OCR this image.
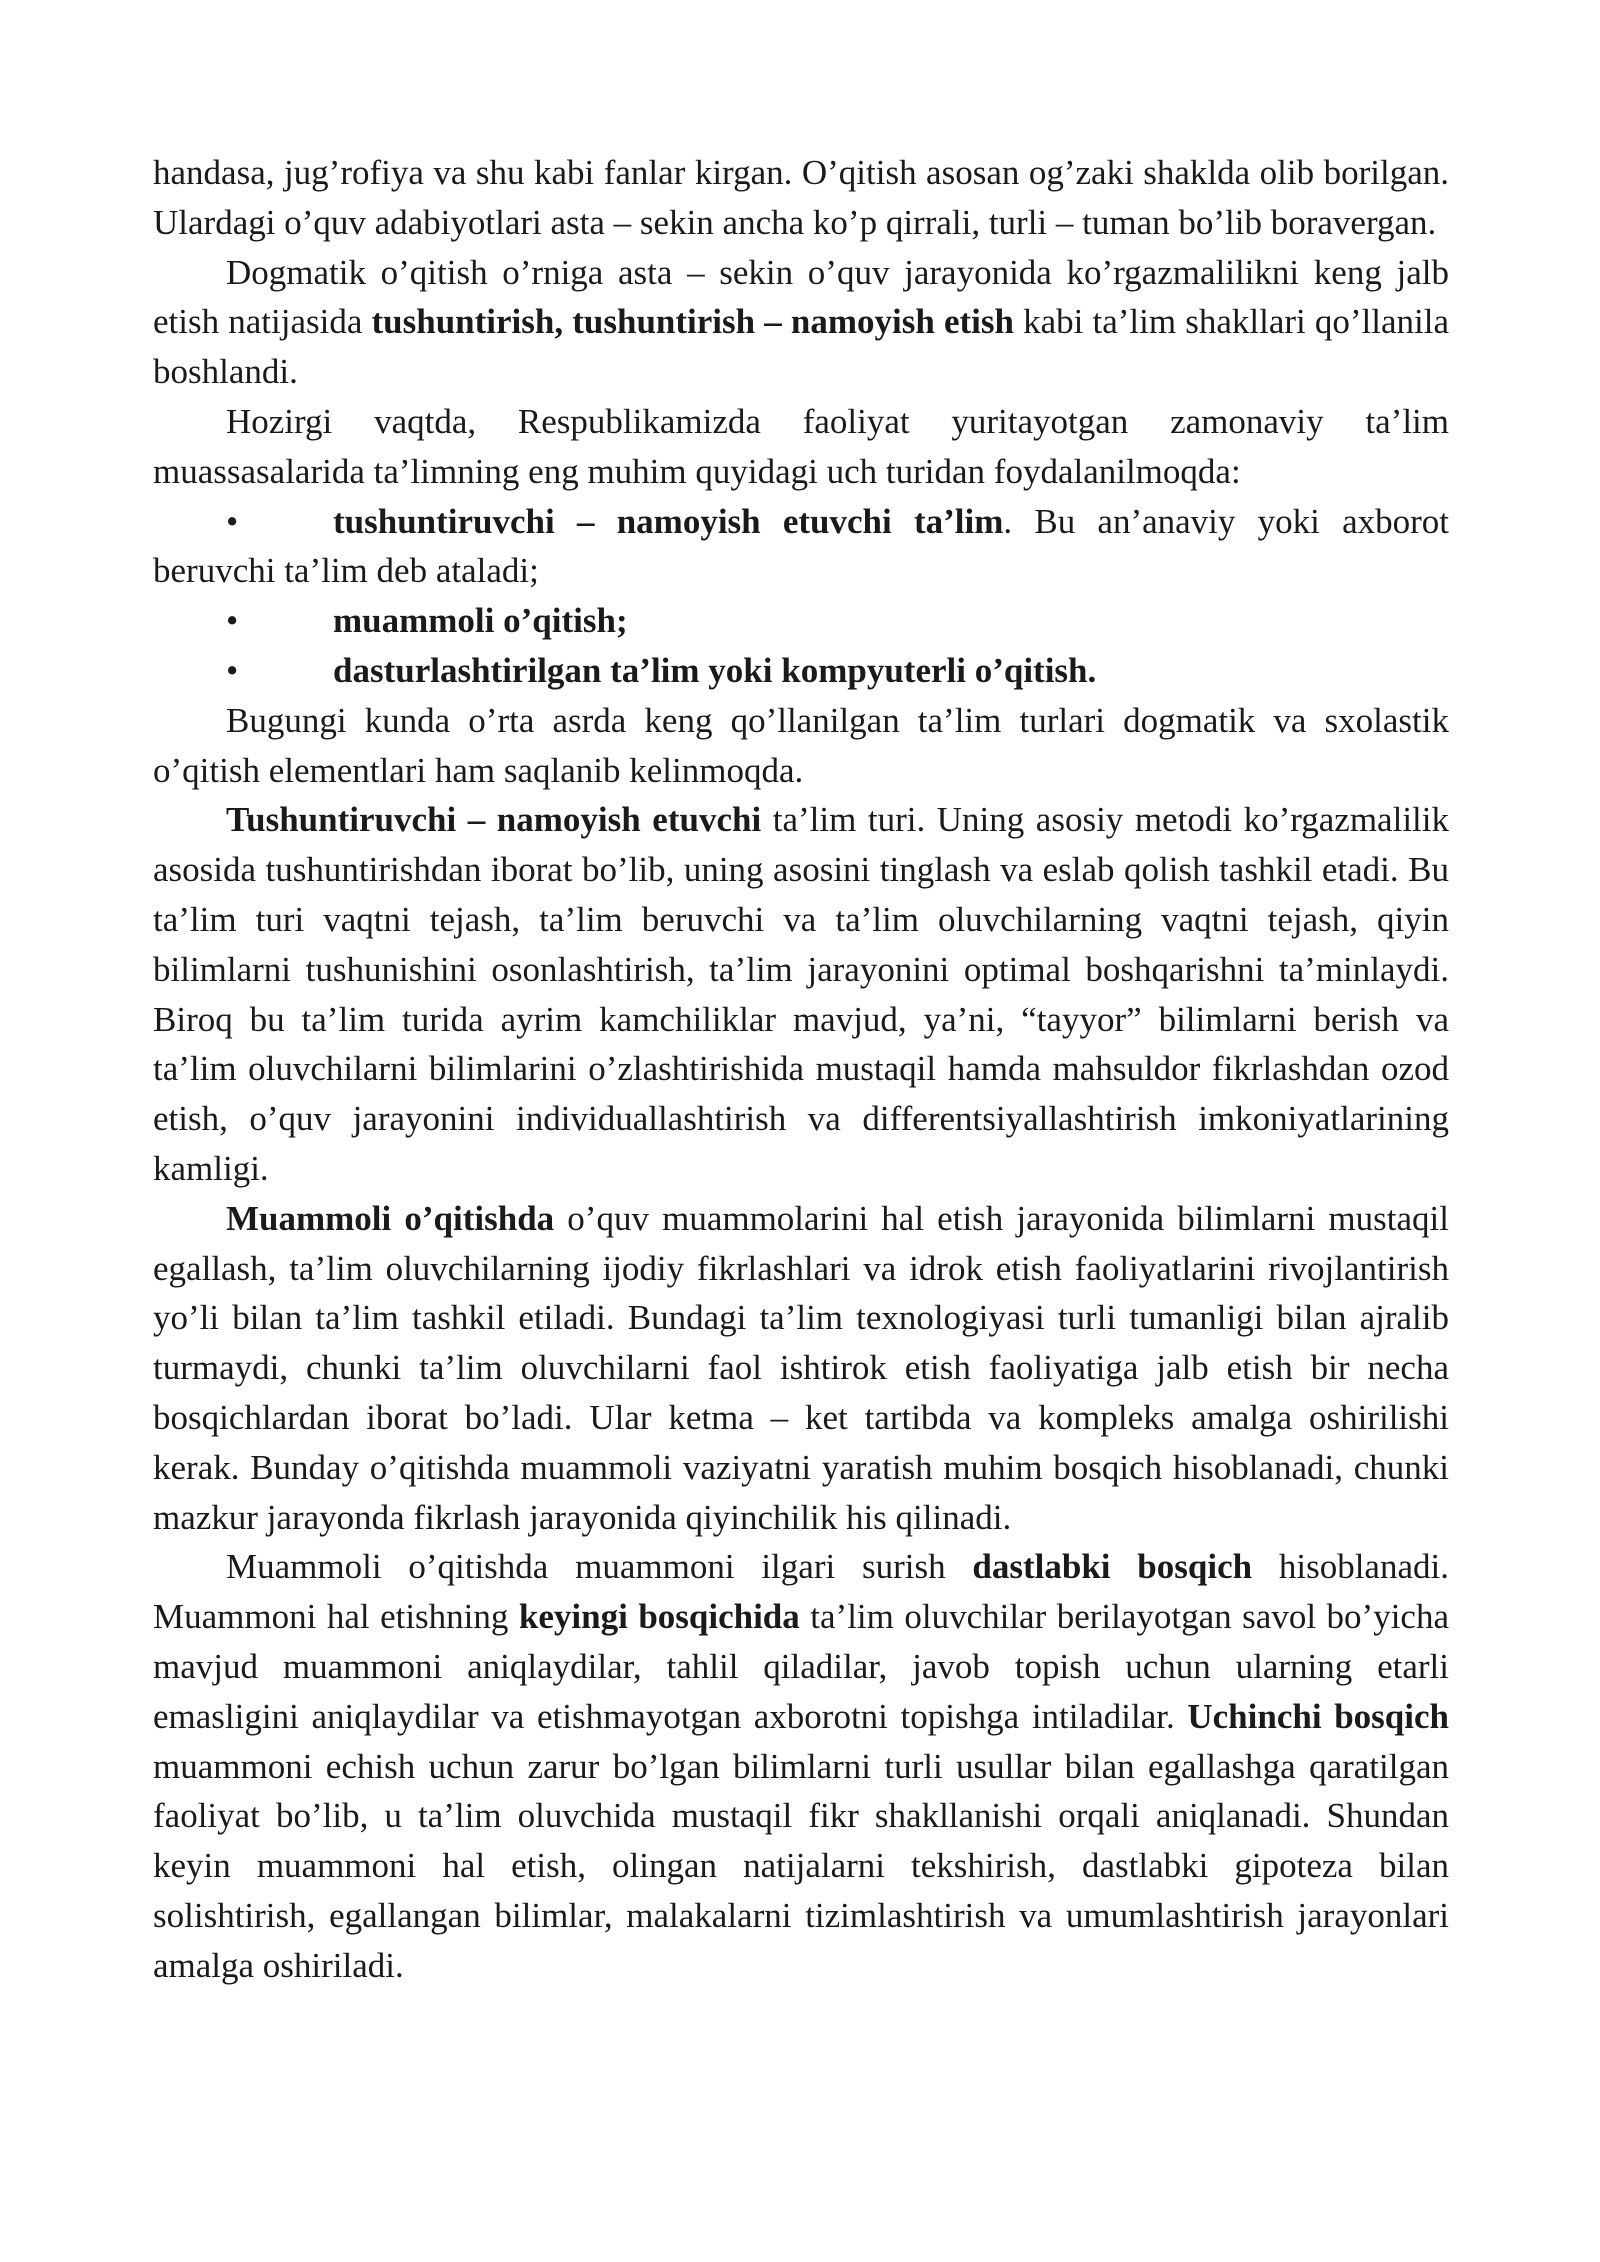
handasa, jug’rofiya va shu kabi fanlar kirgan. O’qitish asosan og’zaki shaklda olib borilgan. Ulardagi o’quv adabiyotlari asta – sekin ancha ko’p qirrali, turli – tuman bo’lib boravergan.

Dogmatik o’qitish o’rniga asta – sekin o’quv jarayonida ko’rgazmalilikni keng jalb etish natijasida tushuntirish, tushuntirish – namoyish etish kabi ta’lim shakllari qo’llanila boshlandi.

Hozirgi vaqtda, Respublikamizda faoliyat yuritayotgan zamonaviy ta’lim muassasalarida ta’limning eng muhim quyidagi uch turidan foydalanilmoqda:

•	tushuntiruvchi – namoyish etuvchi ta’lim. Bu an’anaviy yoki axborot beruvchi ta’lim deb ataladi;

•	muammoli o’qitish;

•	dasturlashtirilgan ta’lim yoki kompyuterli o’qitish.

Bugungi kunda o’rta asrda keng qo’llanilgan ta’lim turlari dogmatik va sxolastik o’qitish elementlari ham saqlanib kelinmoqda.

Tushuntiruvchi – namoyish etuvchi ta’lim turi. Uning asosiy metodi ko’rgazmalilik asosida tushuntirishdan iborat bo’lib, uning asosini tinglash va eslab qolish tashkil etadi. Bu ta’lim turi vaqtni tejash, ta’lim beruvchi va ta’lim oluvchilarning vaqtni tejash, qiyin bilimlarni tushunishini osonlashtirish, ta’lim jarayonini optimal boshqarishni ta’minlaydi. Biroq bu ta’lim turida ayrim kamchiliklar mavjud, ya’ni, “tayyor” bilimlarni berish va ta’lim oluvchilarni bilimlarini o’zlashtirishida mustaqil hamda mahsuldor fikrlashdan ozod etish, o’quv jarayonini individuallashtirish va differentsiyallashtirish imkoniyatlarining kamligi.

Muammoli o’qitishda o’quv muammolarini hal etish jarayonida bilimlarni mustaqil egallash, ta’lim oluvchilarning ijodiy fikrlashlari va idrok etish faoliyatlarini rivojlantirish yo’li bilan ta’lim tashkil etiladi. Bundagi ta’lim texnologiyasi turli tumanligi bilan ajralib turmaydi, chunki ta’lim oluvchilarni faol ishtirok etish faoliyatiga jalb etish bir necha bosqichlardan iborat bo’ladi. Ular ketma – ket tartibda va kompleks amalga oshirilishi kerak. Bunday o’qitishda muammoli vaziyatni yaratish muhim bosqich hisoblanadi, chunki mazkur jarayonda fikrlash jarayonida qiyinchilik his qilinadi.

Muammoli o’qitishda muammoni ilgari surish dastlabki bosqich hisoblanadi. Muammoni hal etishning keyingi bosqichida ta’lim oluvchilar berilayotgan savol bo’yicha mavjud muammoni aniqlaydilar, tahlil qiladilar, javob topish uchun ularning etarli emasligini aniqlaydilar va etishmayotgan axborotni topishga intiladilar. Uchinchi bosqich muammoni echish uchun zarur bo’lgan bilimlarni turli usullar bilan egallashga qaratilgan faoliyat bo’lib, u ta’lim oluvchida mustaqil fikr shakllanishi orqali aniqlanadi. Shundan keyin muammoni hal etish, olingan natijalarni tekshirish, dastlabki gipoteza bilan solishtirish, egallangan bilimlar, malakalarni tizimlashtirish va umumlashtirish jarayonlari amalga oshiriladi.
